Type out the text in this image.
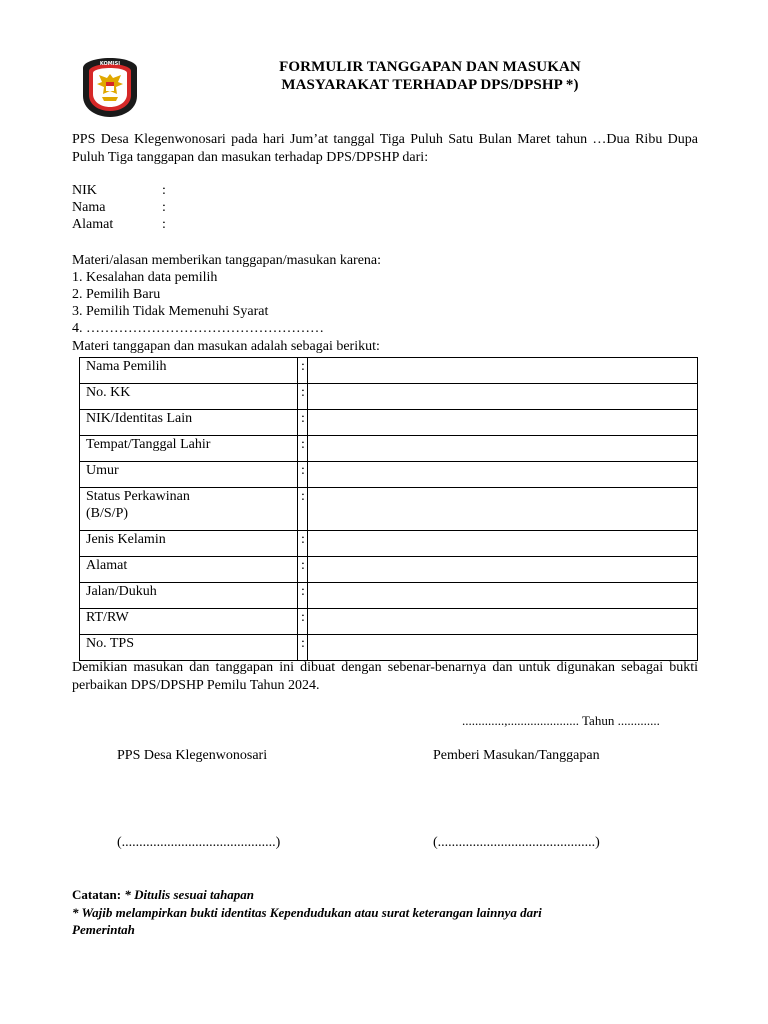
KOMISI	FORMULIR TANGGAPAN DAN MASUKAN
MASYARAKAT TERHADAP DPS/DPSHP *)
PPS Desa Klegenwonosari pada hari Jum’at tanggal Tiga Puluh Satu Bulan Maret tahun …Dua Ribu Dupa Puluh Tiga tanggapan dan masukan terhadap DPS/DPSHP dari:
NIK	:
Nama	:
Alamat	:
Materi/alasan memberikan tanggapan/masukan karena:
1. Kesalahan data pemilih
2. Pemilih Baru
3. Pemilih Tidak Memenuhi Syarat
4. ……………………………………………
Materi tanggapan dan masukan adalah sebagai berikut:
Nama Pemilih	:	
No. KK	:	
NIK/Identitas Lain	:	
Tempat/Tanggal Lahir	:	
Umur	:	

Status Perkawinan
(B/S/P)	:	
Jenis Kelamin	:	
Alamat	:	
Jalan/Dukuh	:	
RT/RW	:	
No. TPS	:	
Demikian masukan dan tanggapan ini dibuat dengan sebenar-benarnya dan untuk digunakan sebagai bukti perbaikan DPS/DPSHP Pemilu Tahun 2024.
.............,...................... Tahun .............
PPS Desa Klegenwonosari	Pemberi Masukan/Tanggapan
(............................................)	(.............................................)
Catatan: * Ditulis sesuai tahapan
* Wajib melampirkan bukti identitas Kependudukan atau surat keterangan lainnya dari
Pemerintah
